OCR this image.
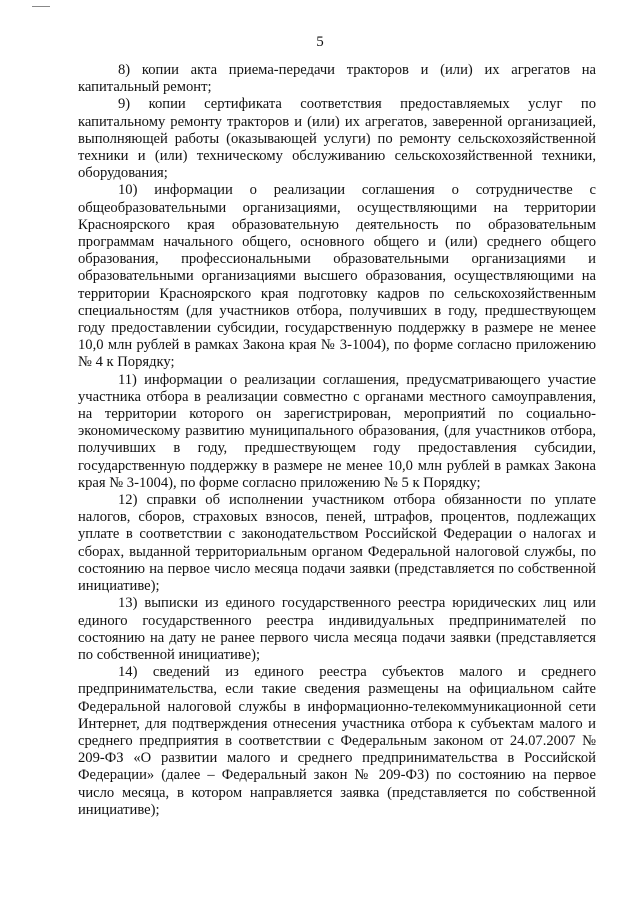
5

8) копии акта приема-передачи тракторов и (или) их агрегатов на капитальный ремонт;

9) копии сертификата соответствия предоставляемых услуг по капитальному ремонту тракторов и (или) их агрегатов, заверенной организацией, выполняющей работы (оказывающей услуги) по ремонту сельскохозяйственной техники и (или) техническому обслуживанию сельскохозяйственной техники, оборудования;

10) информации о реализации соглашения о сотрудничестве с общеобразовательными организациями, осуществляющими на территории Красноярского края образовательную деятельность по образовательным программам начального общего, основного общего и (или) среднего общего образования, профессиональными образовательными организациями и образовательными организациями высшего образования, осуществляющими на территории Красноярского края подготовку кадров по сельскохозяйственным специальностям (для участников отбора, получивших в году, предшествующем году предоставлении субсидии, государственную поддержку в размере не менее 10,0 млн рублей в рамках Закона края № 3-1004), по форме согласно приложению № 4 к Порядку;

11) информации о реализации соглашения, предусматривающего участие участника отбора в реализации совместно с органами местного самоуправления, на территории которого он зарегистрирован, мероприятий по социально-экономическому развитию муниципального образования, (для участников отбора, получивших в году, предшествующем году предоставления субсидии, государственную поддержку в размере не менее 10,0 млн рублей в рамках Закона края № 3-1004), по форме согласно приложению № 5 к Порядку;

12) справки об исполнении участником отбора обязанности по уплате налогов, сборов, страховых взносов, пеней, штрафов, процентов, подлежащих уплате в соответствии с законодательством Российской Федерации о налогах и сборах, выданной территориальным органом Федеральной налоговой службы, по состоянию на первое число месяца подачи заявки (представляется по собственной инициативе);

13) выписки из единого государственного реестра юридических лиц или единого государственного реестра индивидуальных предпринимателей по состоянию на дату не ранее первого числа месяца подачи заявки (представляется по собственной инициативе);

14) сведений из единого реестра субъектов малого и среднего предпринимательства, если такие сведения размещены на официальном сайте Федеральной налоговой службы в информационно-телекоммуникационной сети Интернет, для подтверждения отнесения участника отбора к субъектам малого и среднего предприятия в соответствии с Федеральным законом от 24.07.2007 № 209-ФЗ «О развитии малого и среднего предпринимательства в Российской Федерации» (далее – Федеральный закон № 209-ФЗ) по состоянию на первое число месяца, в котором направляется заявка (представляется по собственной инициативе);
